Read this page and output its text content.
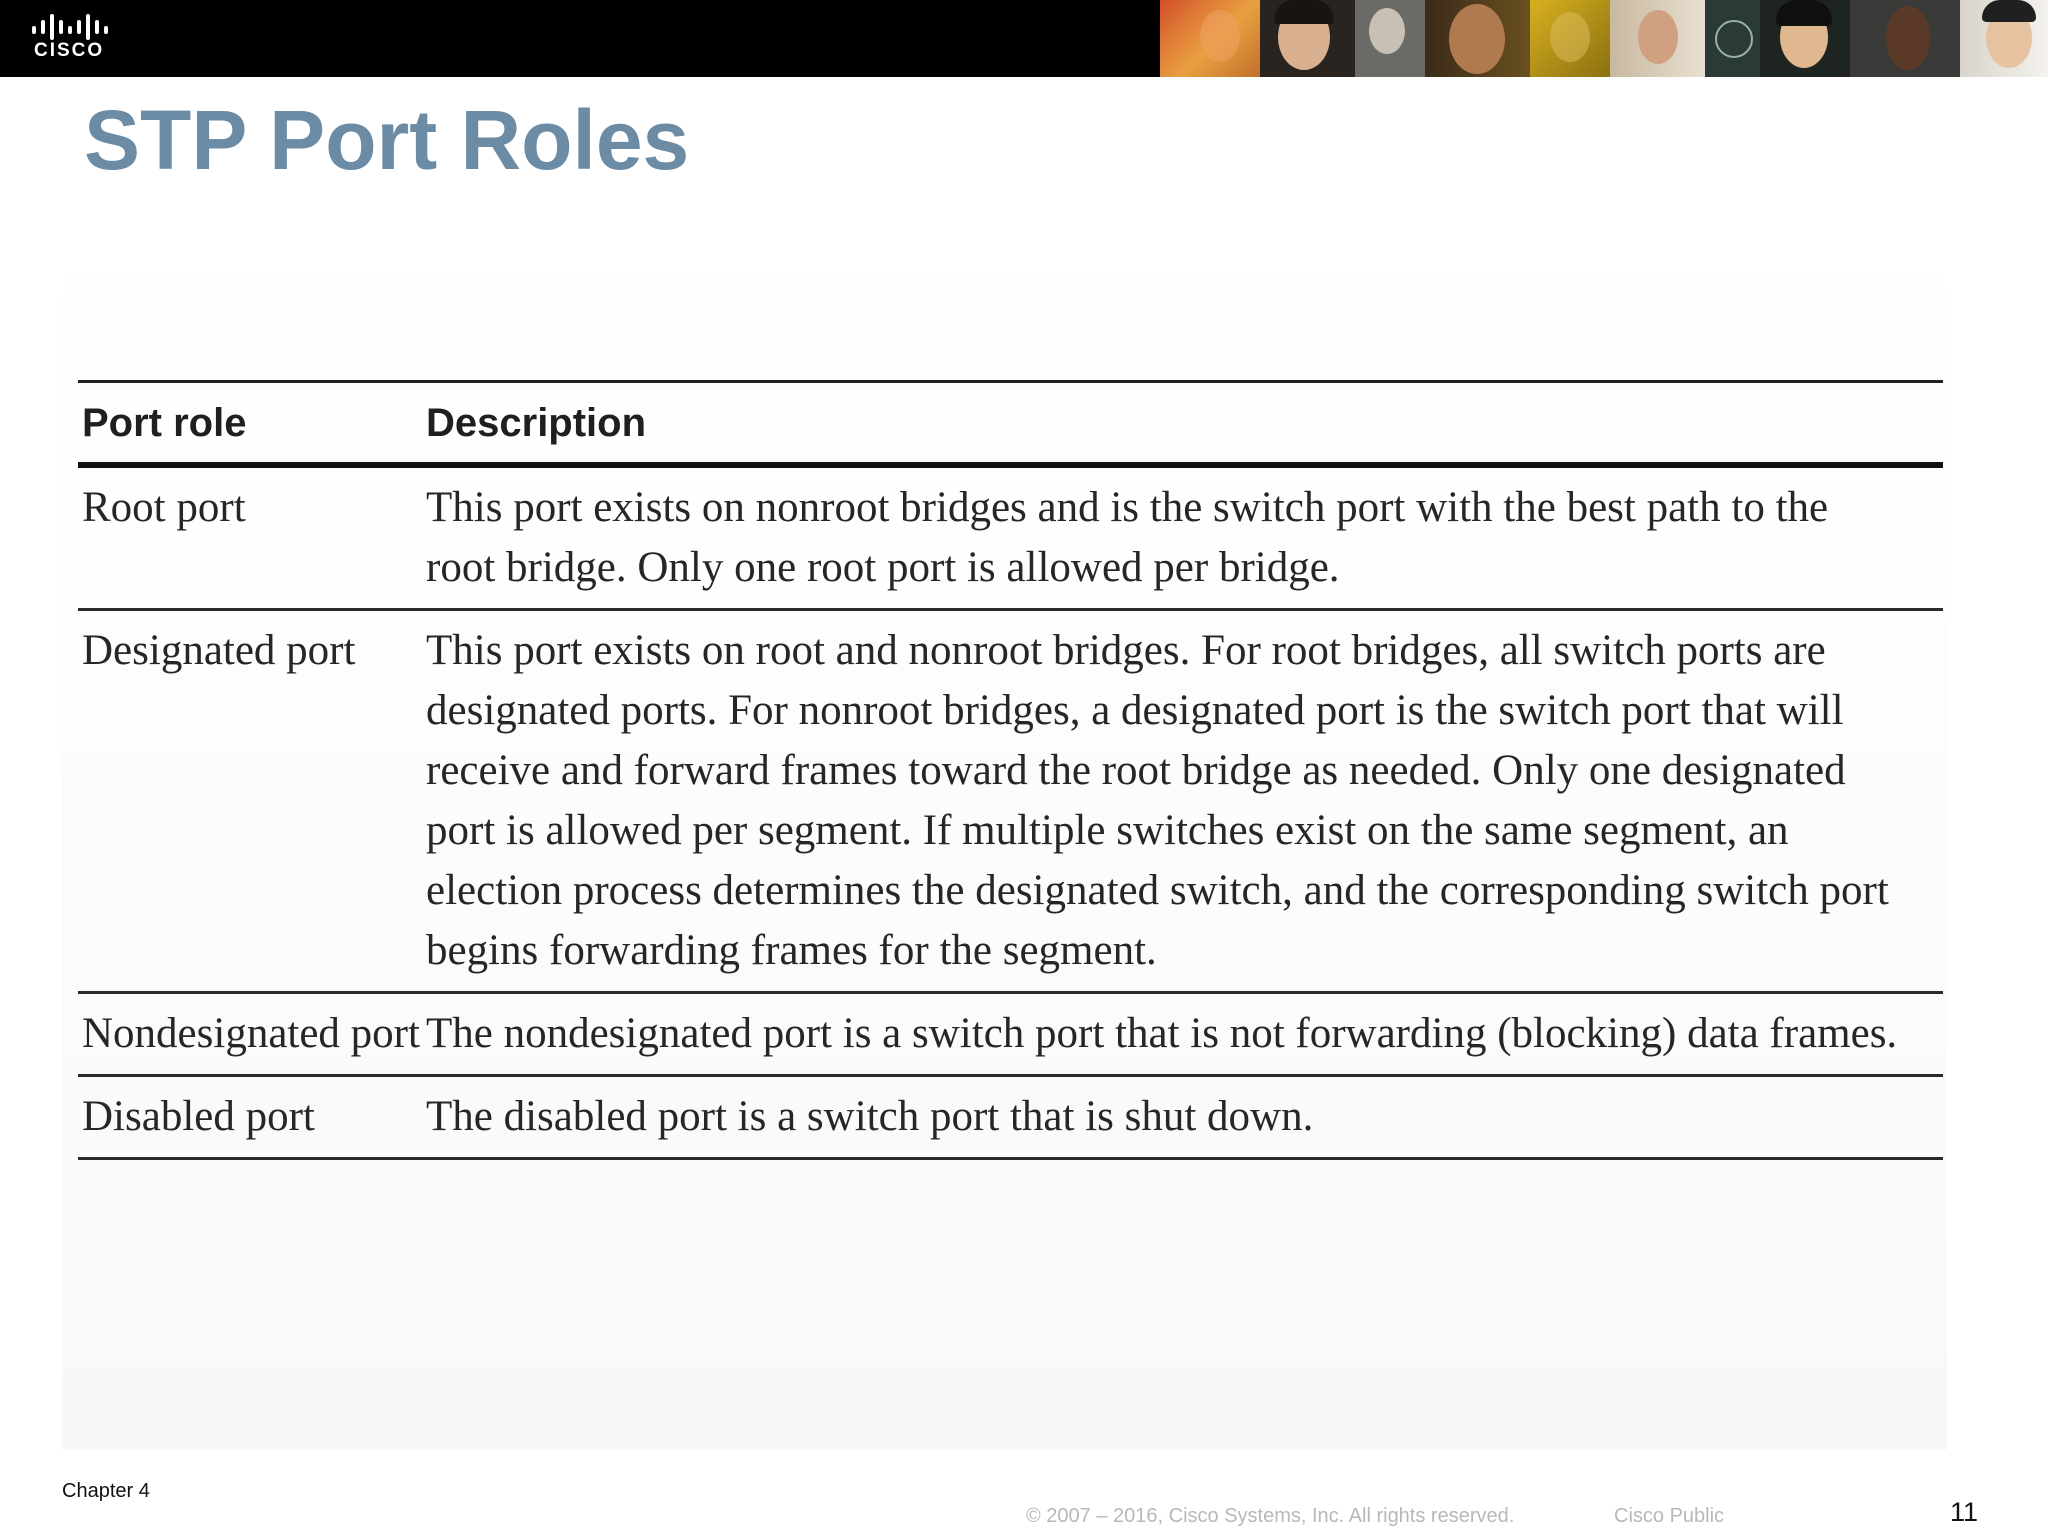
CISCO
STP Port Roles
Port role	Description
Root port	This port exists on nonroot bridges and is the switch port with the best path to the root bridge. Only one root port is allowed per bridge.
Designated port	This port exists on root and nonroot bridges. For root bridges, all switch ports are designated ports. For nonroot bridges, a designated port is the switch port that will receive and forward frames toward the root bridge as needed. Only one designated port is allowed per segment. If multiple switches exist on the same segment, an election process determines the designated switch, and the corresponding switch port begins forwarding frames for the segment.
Nondesignated port	The nondesignated port is a switch port that is not forwarding (blocking) data frames.
Disabled port	The disabled port is a switch port that is shut down.
Chapter 4
© 2007 – 2016, Cisco Systems, Inc. All rights reserved.	Cisco Public	11
